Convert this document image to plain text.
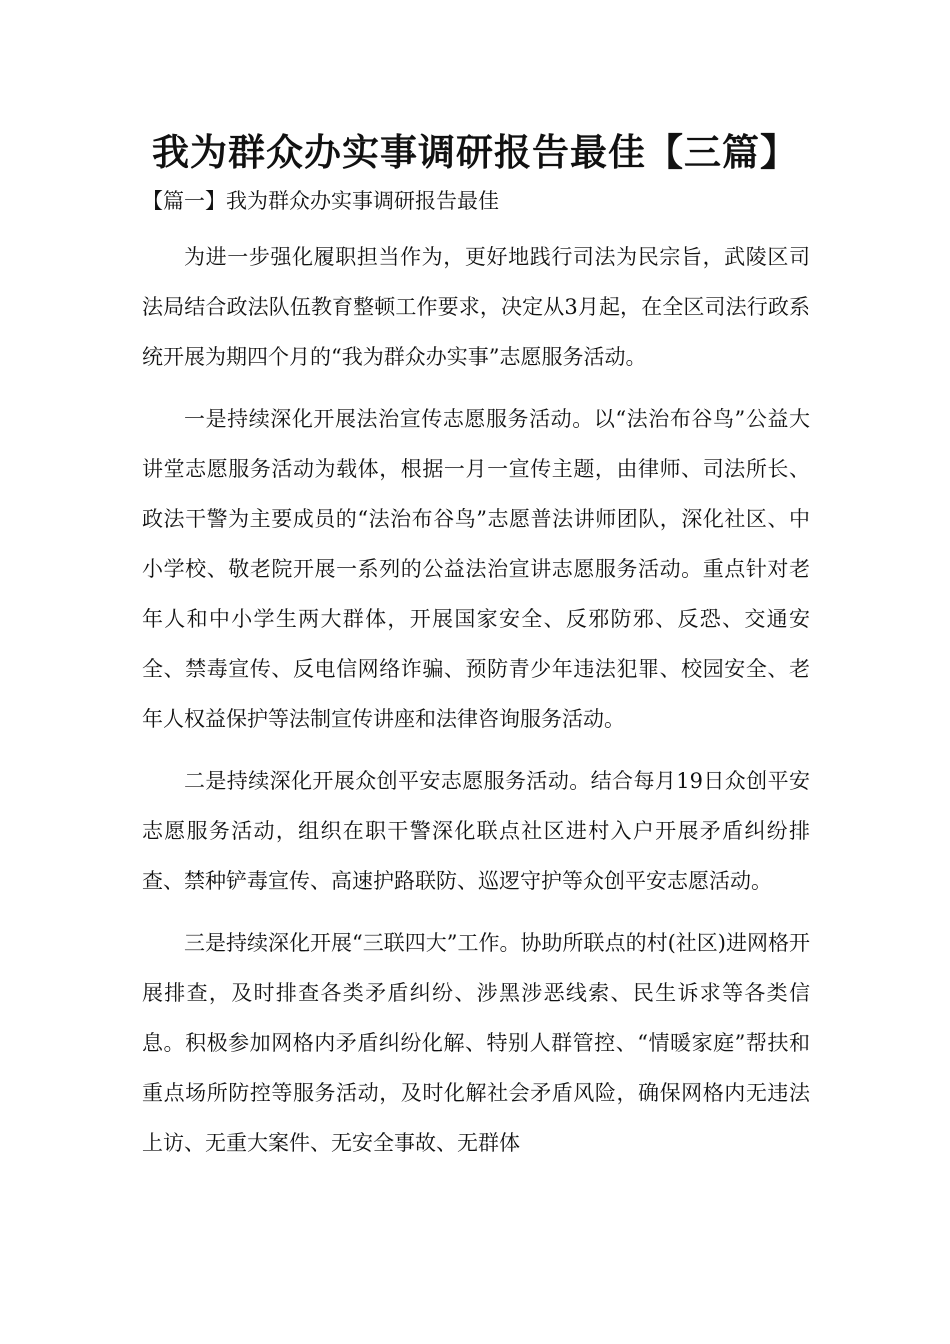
我为群众办实事调研报告最佳【三篇】

【篇一】我为群众办实事调研报告最佳

为进一步强化履职担当作为，更好地践行司法为民宗旨，武陵区司法局结合政法队伍教育整顿工作要求，决定从3月起，在全区司法行政系统开展为期四个月的“我为群众办实事”志愿服务活动。

一是持续深化开展法治宣传志愿服务活动。以“法治布谷鸟”公益大讲堂志愿服务活动为载体，根据一月一宣传主题，由律师、司法所长、政法干警为主要成员的“法治布谷鸟”志愿普法讲师团队，深化社区、中小学校、敬老院开展一系列的公益法治宣讲志愿服务活动。重点针对老年人和中小学生两大群体，开展国家安全、反邪防邪、反恐、交通安全、禁毒宣传、反电信网络诈骗、预防青少年违法犯罪、校园安全、老年人权益保护等法制宣传讲座和法律咨询服务活动。

二是持续深化开展众创平安志愿服务活动。结合每月19日众创平安志愿服务活动，组织在职干警深化联点社区进村入户开展矛盾纠纷排查、禁种铲毒宣传、高速护路联防、巡逻守护等众创平安志愿活动。

三是持续深化开展“三联四大”工作。协助所联点的村(社区)进网格开展排查，及时排查各类矛盾纠纷、涉黑涉恶线索、民生诉求等各类信息。积极参加网格内矛盾纠纷化解、特别人群管控、“情暖家庭”帮扶和重点场所防控等服务活动，及时化解社会矛盾风险，确保网格内无违法上访、无重大案件、无安全事故、无群体
